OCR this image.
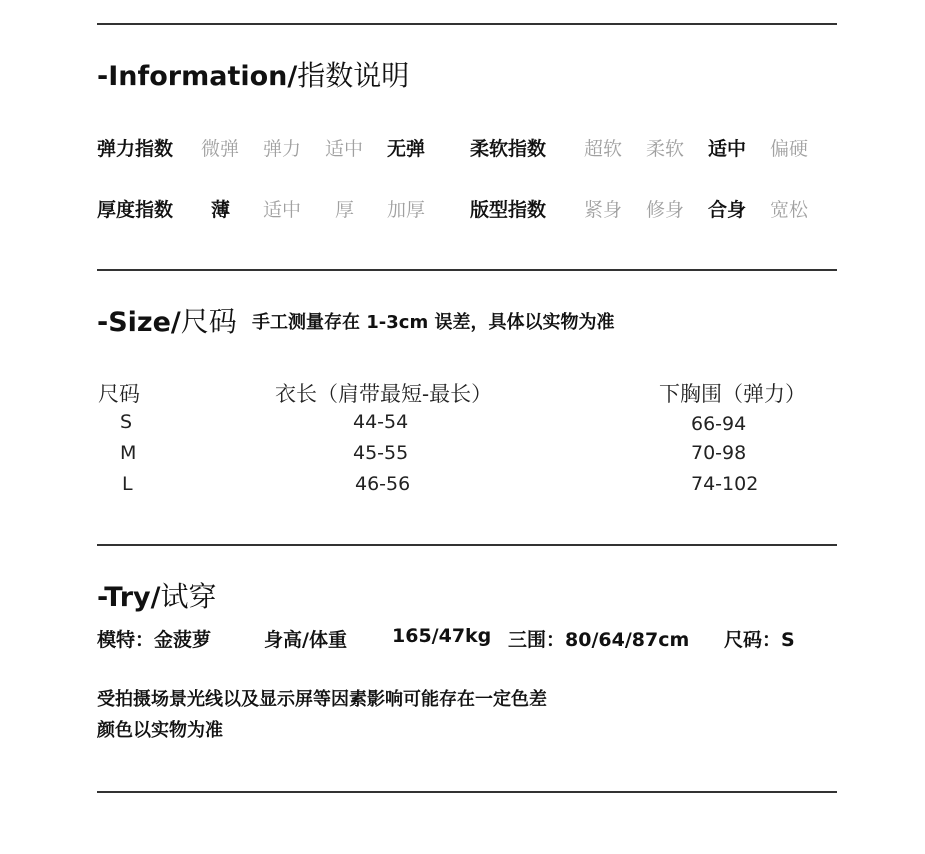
-Information/指数说明
弹力指数 微弹 弹力 适中 无弹 柔软指数 超软 柔软 适中 偏硬
厚度指数 薄 适中 厚 加厚 版型指数 紧身 修身 合身 宽松
-Size/尺码 手工测量存在 1-3cm 误差，具体以实物为准
尺码	衣长（肩带最短-最长）	下胸围（弹力）
S	44-54	66-94
M	45-55	70-98
L	46-56	74-102
-Try/试穿
模特：金菠萝	身高/体重 165/47kg 三围：80/64/87cm 尺码：S
受拍摄场景光线以及显示屏等因素影响可能存在一定色差
颜色以实物为准
